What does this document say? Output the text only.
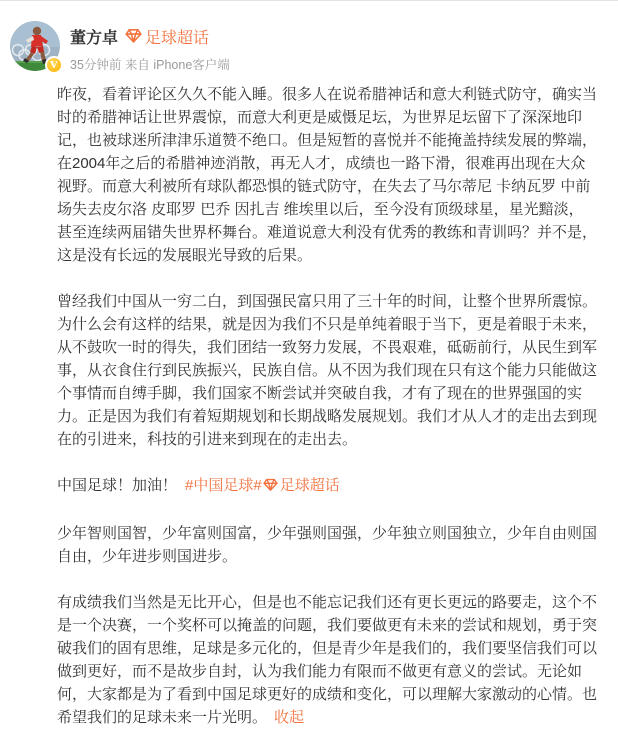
V
董方卓 足球超话
35分钟前 来自 iPhone客户端

昨夜，看着评论区久久不能入睡。很多人在说希腊神话和意大利链式防守，确实当时的希腊神话让世界震惊，而意大利更是威慑足坛，为世界足坛留下了深深地印记，也被球迷所津津乐道赞不绝口。但是短暂的喜悦并不能掩盖持续发展的弊端，在2004年之后的希腊神迹消散，再无人才，成绩也一路下滑，很难再出现在大众视野。而意大利被所有球队都恐惧的链式防守，在失去了马尔蒂尼 卡纳瓦罗 中前场失去皮尔洛 皮耶罗 巴乔 因扎吉 维埃里以后，至今没有顶级球星，星光黯淡，甚至连续两届错失世界杯舞台。难道说意大利没有优秀的教练和青训吗？并不是，这是没有长远的发展眼光导致的后果。

曾经我们中国从一穷二白，到国强民富只用了三十年的时间，让整个世界所震惊。为什么会有这样的结果，就是因为我们不只是单纯着眼于当下，更是着眼于未来，从不鼓吹一时的得失，我们团结一致努力发展，不畏艰难，砥砺前行，从民生到军事，从衣食住行到民族振兴，民族自信。从不因为我们现在只有这个能力只能做这个事情而自缚手脚，我们国家不断尝试并突破自我，才有了现在的世界强国的实力。正是因为我们有着短期规划和长期战略发展规划。我们才从人才的走出去到现在的引进来，科技的引进来到现在的走出去。

中国足球！加油！ #中国足球# 足球超话

少年智则国智，少年富则国富，少年强则国强，少年独立则国独立，少年自由则国自由，少年进步则国进步。

有成绩我们当然是无比开心，但是也不能忘记我们还有更长更远的路要走，这个不是一个决赛，一个奖杯可以掩盖的问题，我们要做更有未来的尝试和规划，勇于突破我们的固有思维，足球是多元化的，但是青少年是我们的，我们要坚信我们可以做到更好，而不是故步自封，认为我们能力有限而不做更有意义的尝试。无论如何，大家都是为了看到中国足球更好的成绩和变化，可以理解大家激动的心情。也希望我们的足球未来一片光明。 收起
